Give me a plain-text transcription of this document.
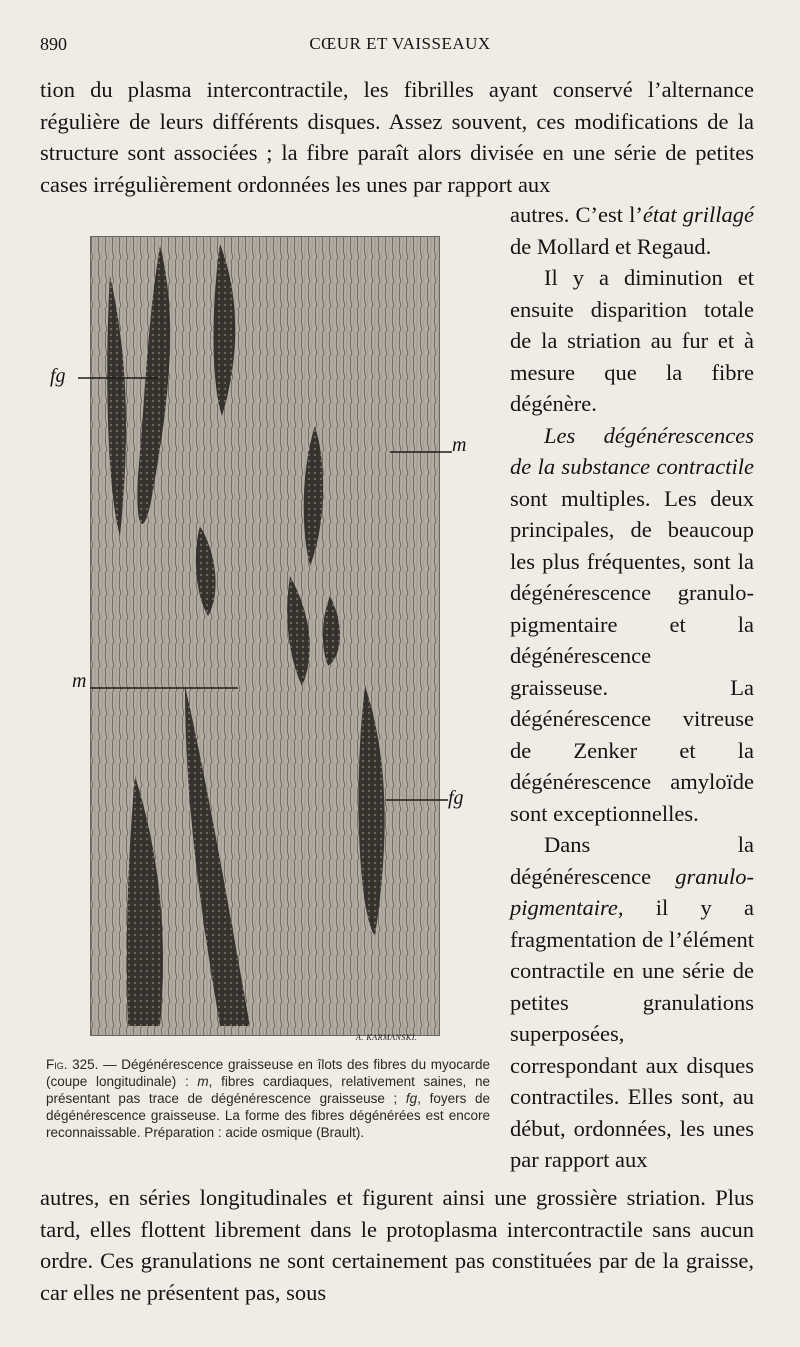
890	CŒUR ET VAISSEAUX

tion du plasma intercontractile, les fibrilles ayant conservé l’alternance régulière de leurs différents disques. Assez souvent, ces modifications de la structure sont associées ; la fibre paraît alors divisée en une série de petites cases irrégulièrement ordonnées les unes par rapport aux

autres. C’est l’état grillagé de Mollard et Regaud.

Il y a diminution et ensuite disparition totale de la striation au fur et à mesure que la fibre dégénère.

Les dégénérescences de la substance contractile sont multiples. Les deux principales, de beaucoup les plus fréquentes, sont la dégénérescence granulo-pigmentaire et la dégénérescence graisseuse. La dégénérescence vitreuse de Zenker et la dégénérescence amyloïde sont exceptionnelles.

Dans la dégénérescence granulo-pigmentaire, il y a fragmentation de l’élément contractile en une série de petites granulations superposées, correspondant aux disques contractiles. Elles sont, au début, ordonnées, les unes par rapport aux

fg
m
m
fg
A. KARMANSKI.
Fig. 325. — Dégénérescence graisseuse en îlots des fibres du myocarde (coupe longitudinale) : m, fibres cardiaques, relativement saines, ne présentant pas trace de dégénérescence graisseuse ; fg, foyers de dégénérescence graisseuse. La forme des fibres dégénérées est encore reconnaissable. Préparation : acide osmique (Brault).

autres, en séries longitudinales et figurent ainsi une grossière striation. Plus tard, elles flottent librement dans le protoplasma intercontractile sans aucun ordre. Ces granulations ne sont certainement pas constituées par de la graisse, car elles ne présentent pas, sous
